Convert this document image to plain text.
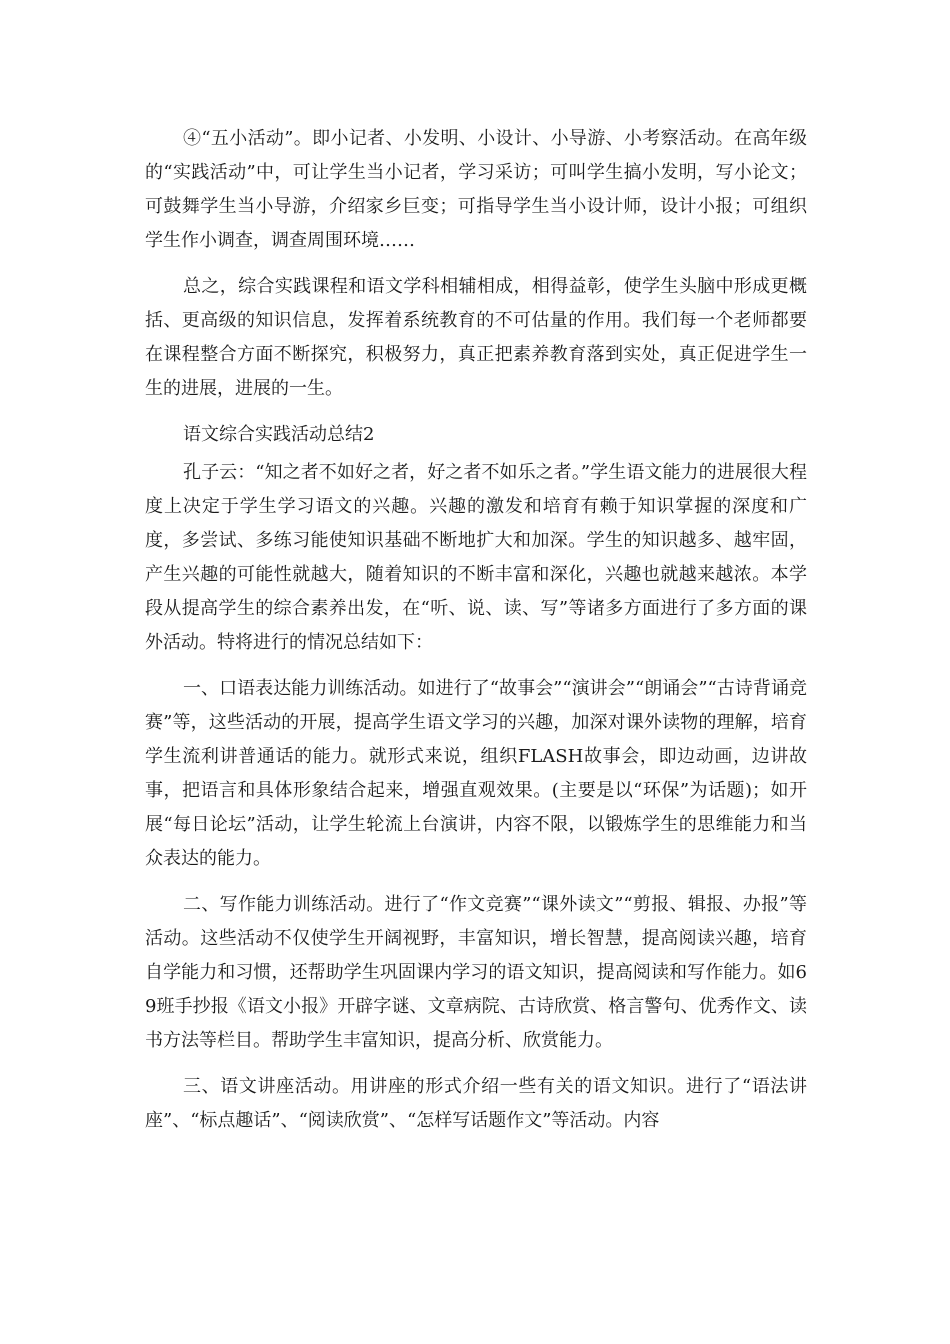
④“五小活动”。即小记者、小发明、小设计、小导游、小考察活动。在高年级的“实践活动”中，可让学生当小记者，学习采访；可叫学生搞小发明，写小论文；可鼓舞学生当小导游，介绍家乡巨变；可指导学生当小设计师，设计小报；可组织学生作小调查，调查周围环境……

总之，综合实践课程和语文学科相辅相成，相得益彰，使学生头脑中形成更概括、更高级的知识信息，发挥着系统教育的不可估量的作用。我们每一个老师都要在课程整合方面不断探究，积极努力，真正把素养教育落到实处，真正促进学生一生的进展，进展的一生。

语文综合实践活动总结2

孔子云：“知之者不如好之者，好之者不如乐之者。”学生语文能力的进展很大程度上决定于学生学习语文的兴趣。兴趣的激发和培育有赖于知识掌握的深度和广度，多尝试、多练习能使知识基础不断地扩大和加深。学生的知识越多、越牢固，产生兴趣的可能性就越大，随着知识的不断丰富和深化，兴趣也就越来越浓。本学段从提高学生的综合素养出发，在“听、说、读、写”等诸多方面进行了多方面的课外活动。特将进行的情况总结如下：

一、口语表达能力训练活动。如进行了“故事会”“演讲会”“朗诵会”“古诗背诵竞赛”等，这些活动的开展，提高学生语文学习的兴趣，加深对课外读物的理解，培育学生流利讲普通话的能力。就形式来说，组织FLASH故事会，即边动画，边讲故事，把语言和具体形象结合起来，增强直观效果。(主要是以“环保”为话题)；如开展“每日论坛”活动，让学生轮流上台演讲，内容不限，以锻炼学生的思维能力和当众表达的能力。

二、写作能力训练活动。进行了“作文竞赛”“课外读文”“剪报、辑报、办报”等活动。这些活动不仅使学生开阔视野，丰富知识，增长智慧，提高阅读兴趣，培育自学能力和习惯，还帮助学生巩固课内学习的语文知识，提高阅读和写作能力。如69班手抄报《语文小报》开辟字谜、文章病院、古诗欣赏、格言警句、优秀作文、读书方法等栏目。帮助学生丰富知识，提高分析、欣赏能力。

三、语文讲座活动。用讲座的形式介绍一些有关的语文知识。进行了“语法讲座”、“标点趣话”、“阅读欣赏”、“怎样写话题作文”等活动。内容
